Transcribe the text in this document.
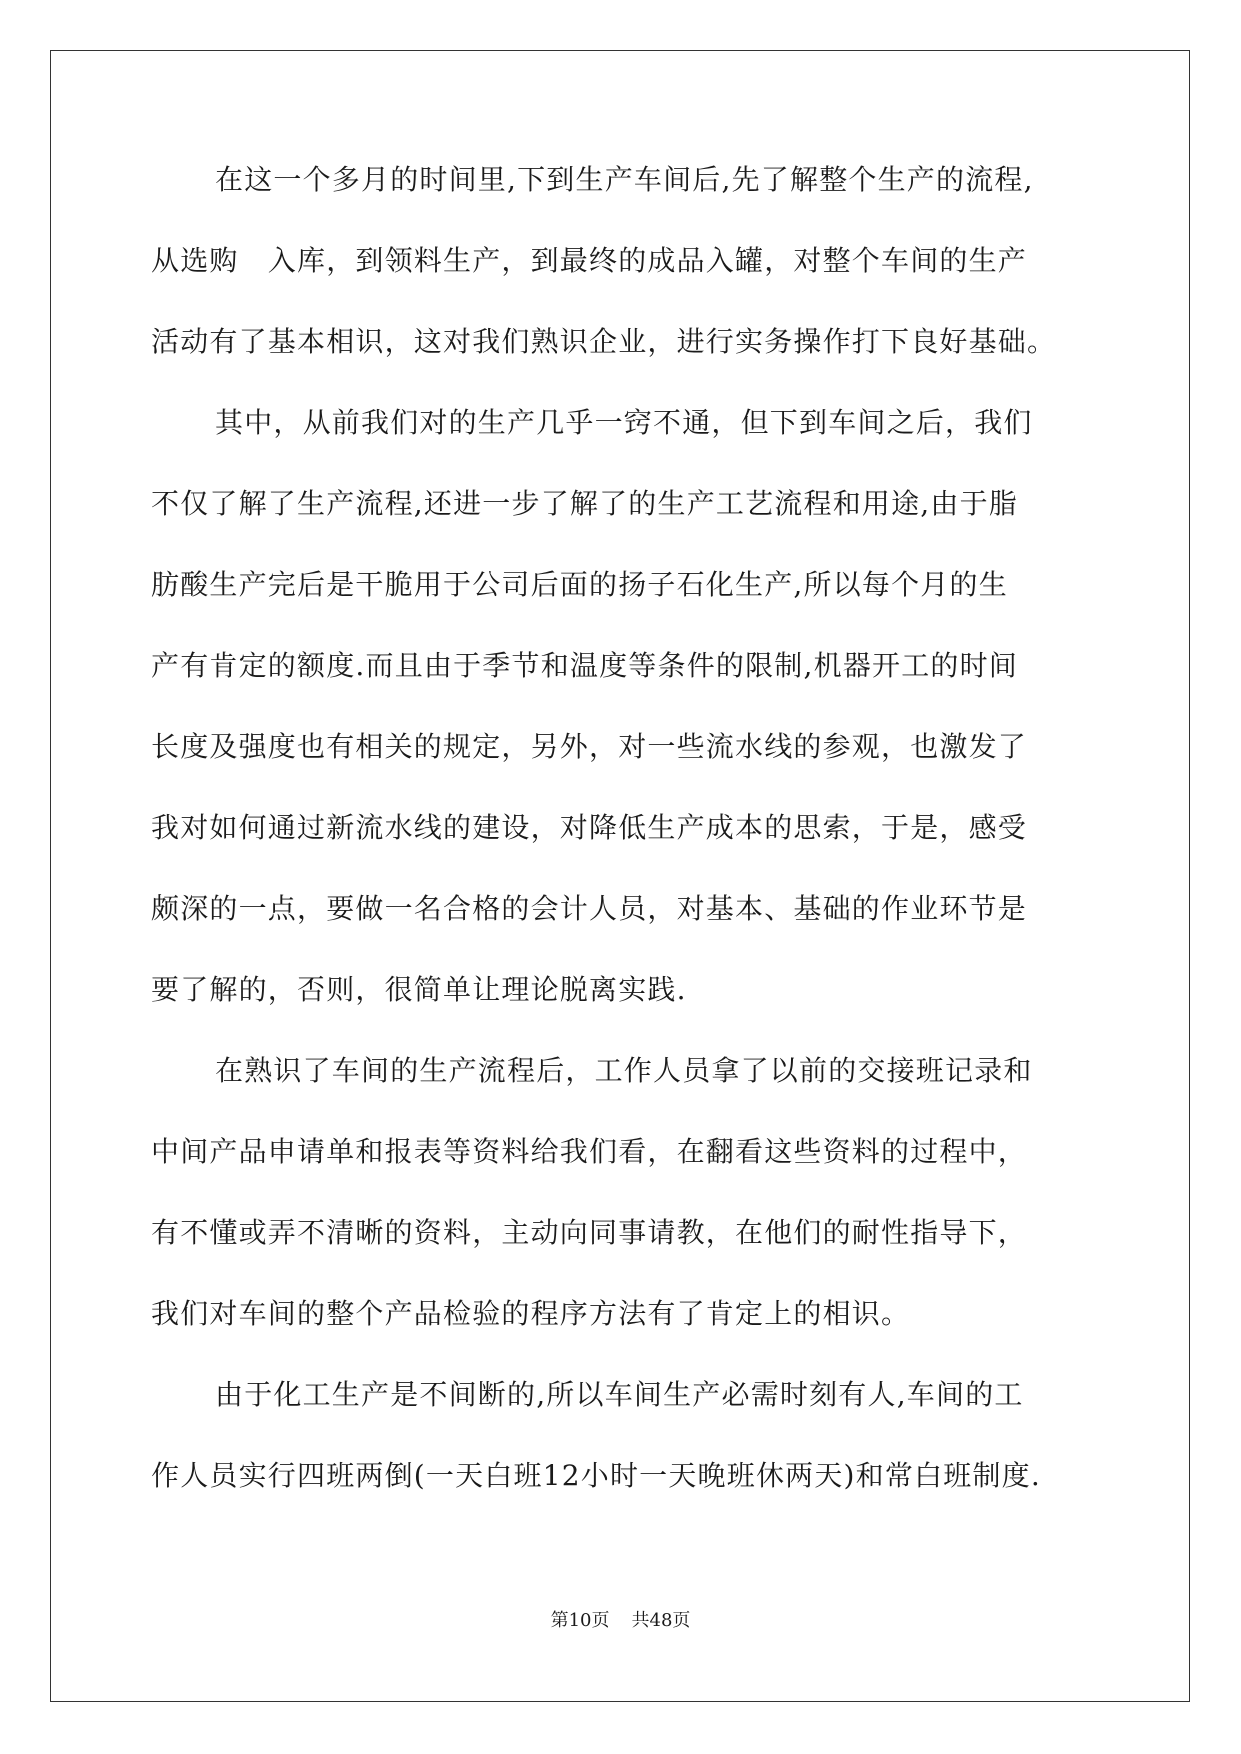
在这一个多月的时间里,下到生产车间后,先了解整个生产的流程,
从选购　入库，到领料生产，到最终的成品入罐，对整个车间的生产
活动有了基本相识，这对我们熟识企业，进行实务操作打下良好基础。
其中，从前我们对的生产几乎一窍不通，但下到车间之后，我们
不仅了解了生产流程,还进一步了解了的生产工艺流程和用途,由于脂
肪酸生产完后是干脆用于公司后面的扬子石化生产,所以每个月的生
产有肯定的额度.而且由于季节和温度等条件的限制,机器开工的时间
长度及强度也有相关的规定，另外，对一些流水线的参观，也激发了
我对如何通过新流水线的建设，对降低生产成本的思索，于是，感受
颇深的一点，要做一名合格的会计人员，对基本、基础的作业环节是
要了解的，否则，很简单让理论脱离实践.
在熟识了车间的生产流程后，工作人员拿了以前的交接班记录和
中间产品申请单和报表等资料给我们看，在翻看这些资料的过程中，
有不懂或弄不清晰的资料，主动向同事请教，在他们的耐性指导下，
我们对车间的整个产品检验的程序方法有了肯定上的相识。
由于化工生产是不间断的,所以车间生产必需时刻有人,车间的工
作人员实行四班两倒(一天白班12小时一天晚班休两天)和常白班制度.
第10页 共48页
